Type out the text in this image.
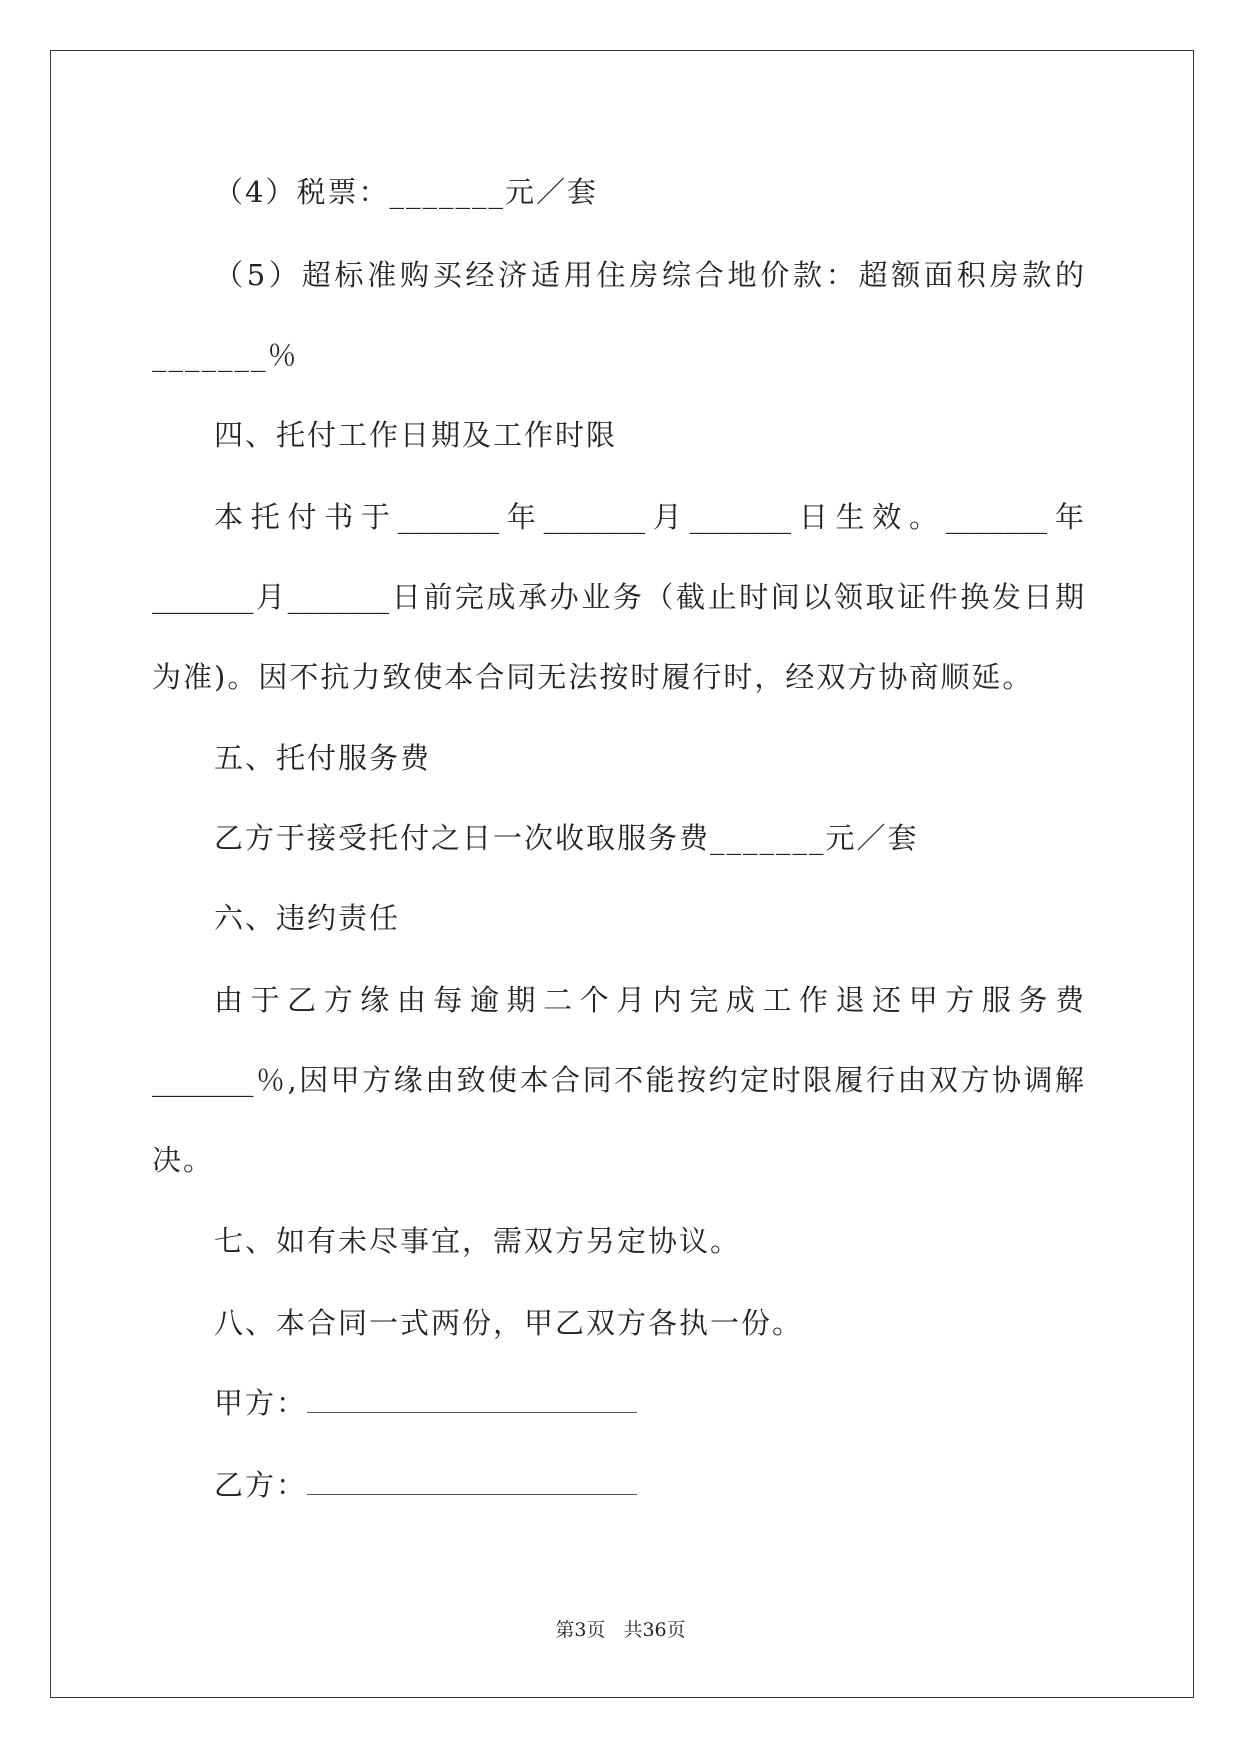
（4）税票：_______元／套
（5）超标准购买经济适用住房综合地价款：超额面积房款的
_______％
四、托付工作日期及工作时限
本托付书于_______年_______月_______日生效。_______年
_______月_______日前完成承办业务（截止时间以领取证件换发日期
为准)。因不抗力致使本合同无法按时履行时，经双方协商顺延。
五、托付服务费
乙方于接受托付之日一次收取服务费_______元／套
六、违约责任
由于乙方缘由每逾期二个月内完成工作退还甲方服务费
_______％,因甲方缘由致使本合同不能按约定时限履行由双方协调解
决。
七、如有未尽事宜，需双方另定协议。
八、本合同一式两份，甲乙双方各执一份。
甲方：
乙方：
第3页 共36页
